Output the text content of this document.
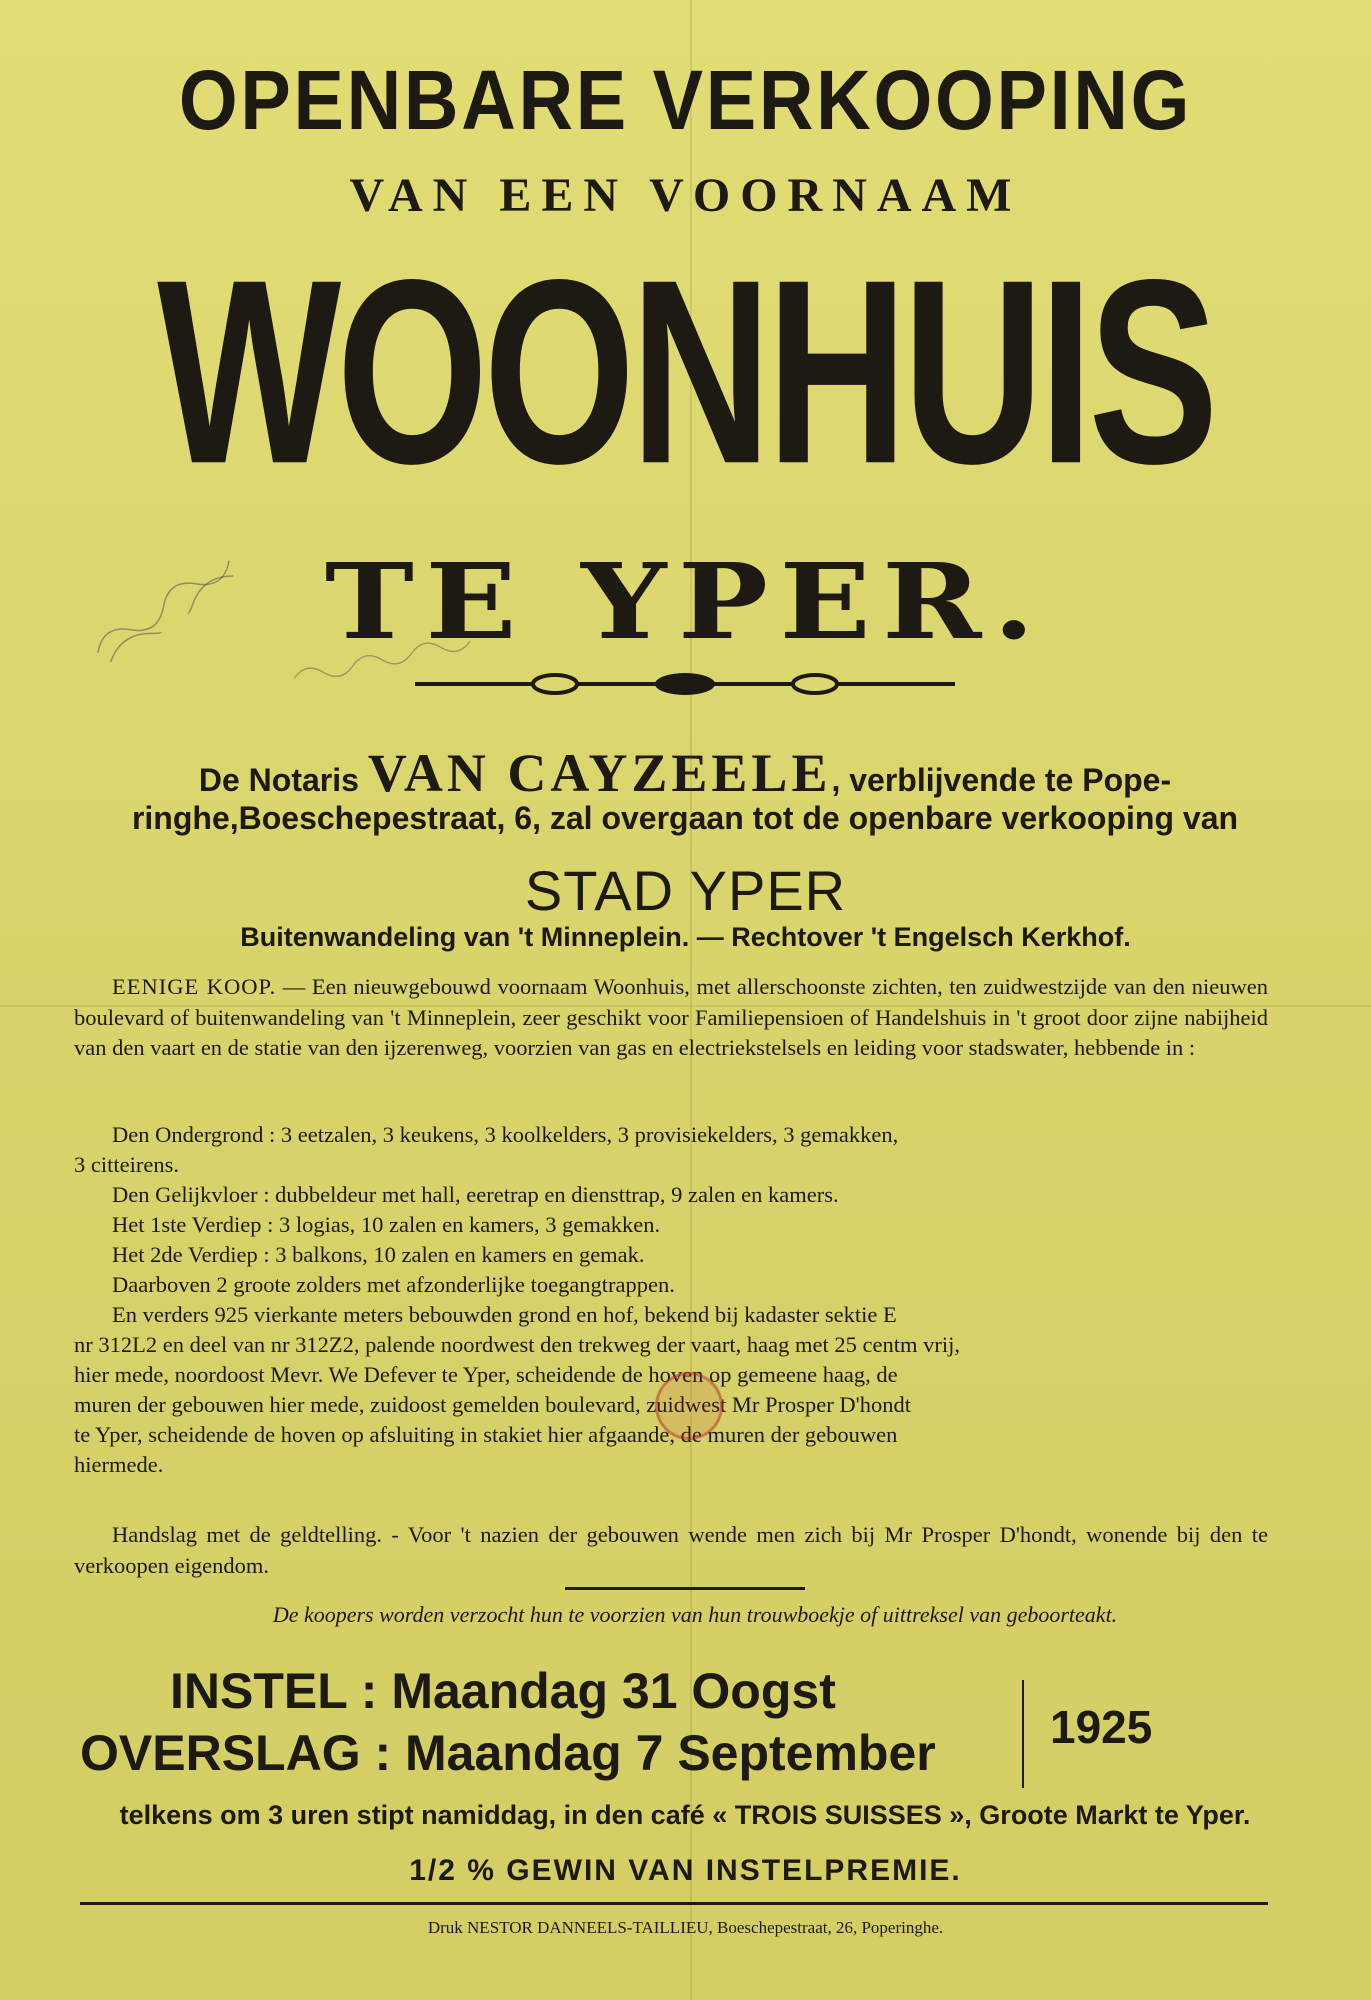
OPENBARE VERKOOPING
VAN EEN VOORNAAM
WOONHUIS
TE YPER.
De Notaris VAN CAYZEELE, verblijvende te Pope-
ringhe,Boeschepestraat, 6, zal overgaan tot de openbare verkooping van
STAD YPER
Buitenwandeling van 't Minneplein. — Rechtover 't Engelsch Kerkhof.
EENIGE KOOP. — Een nieuwgebouwd voornaam Woonhuis, met allerschoonste zichten, ten zuidwestzijde van den nieuwen boulevard of buitenwandeling van 't Minneplein, zeer geschikt voor Familiepensioen of Handelshuis in 't groot door zijne nabijheid van den vaart en de statie van den ijzerenweg, voorzien van gas en electriekstelsels en leiding voor stadswater, hebbende in :
Den Ondergrond : 3 eetzalen, 3 keukens, 3 koolkelders, 3 provisiekelders, 3 gemakken,
3 citteirens.
Den Gelijkvloer : dubbeldeur met hall, eeretrap en diensttrap, 9 zalen en kamers.
Het 1ste Verdiep : 3 logias, 10 zalen en kamers, 3 gemakken.
Het 2de Verdiep : 3 balkons, 10 zalen en kamers en gemak.
Daarboven 2 groote zolders met afzonderlijke toegangtrappen.
En verders 925 vierkante meters bebouwden grond en hof, bekend bij kadaster sektie E
nr 312L2 en deel van nr 312Z2, palende noordwest den trekweg der vaart, haag met 25 centm vrij,
hier mede, noordoost Mevr. We Defever te Yper, scheidende de hoven op gemeene haag, de
muren der gebouwen hier mede, zuidoost gemelden boulevard, zuidwest Mr Prosper D'hondt
te Yper, scheidende de hoven op afsluiting in stakiet hier afgaande, de muren der gebouwen
hiermede.
Handslag met de geldtelling. - Voor 't nazien der gebouwen wende men zich bij Mr Prosper D'hondt, wonende bij den te verkoopen eigendom.
De koopers worden verzocht hun te voorzien van hun trouwboekje of uittreksel van geboorteakt.
INSTEL : Maandag 31 Oogst
OVERSLAG : Maandag 7 September 1925
telkens om 3 uren stipt namiddag, in den café « TROIS SUISSES », Groote Markt te Yper.
1/2 % GEWIN VAN INSTELPREMIE.
Druk NESTOR DANNEELS-TAILLIEU, Boeschepestraat, 26, Poperinghe.
